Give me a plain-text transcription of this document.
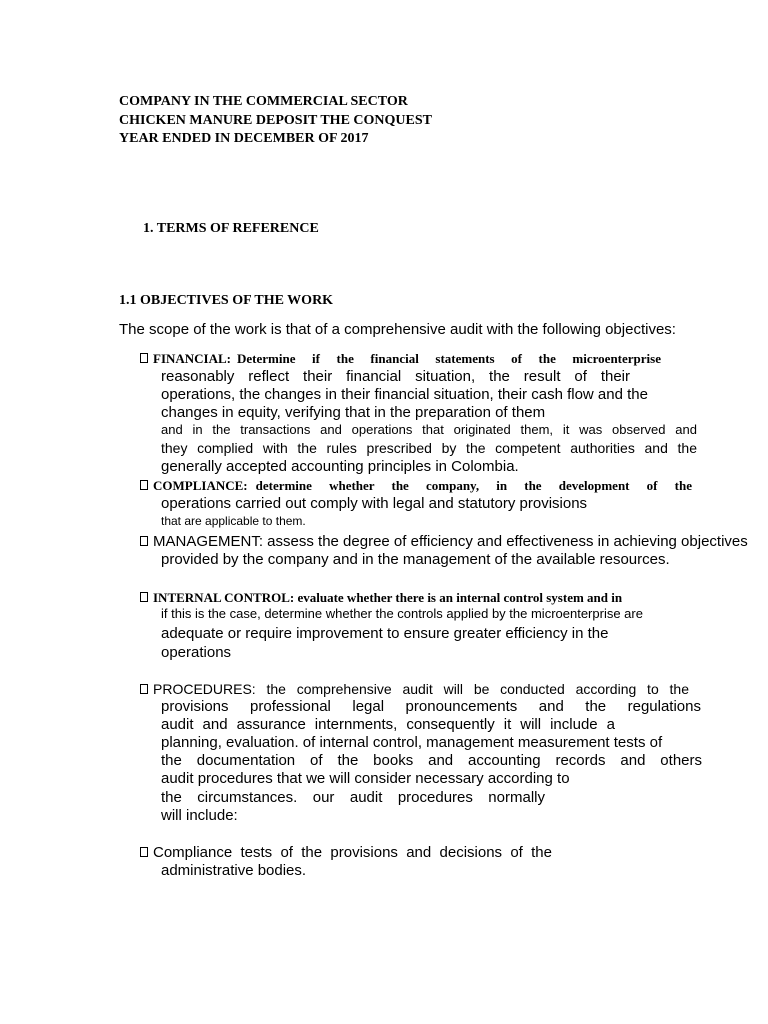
COMPANY IN THE COMMERCIAL SECTOR
CHICKEN MANURE DEPOSIT THE CONQUEST
YEAR ENDED IN DECEMBER OF 2017
1. TERMS OF REFERENCE
1.1 OBJECTIVES OF THE WORK
The scope of the work is that of a comprehensive audit with the following objectives:
FINANCIAL: Determine if the financial statements of the microenterprise
reasonably reflect their financial situation, the result of their
operations, the changes in their financial situation, their cash flow and the
changes in equity, verifying that in the preparation of them
and in the transactions and operations that originated them, it was observed and
they complied with the rules prescribed by the competent authorities and the
generally accepted accounting principles in Colombia.
COMPLIANCE: determine whether the company, in the development of the
operations carried out comply with legal and statutory provisions
that are applicable to them.
MANAGEMENT: assess the degree of efficiency and effectiveness in achieving objectives
provided by the company and in the management of the available resources.
INTERNAL CONTROL: evaluate whether there is an internal control system and in
if this is the case, determine whether the controls applied by the microenterprise are
adequate or require improvement to ensure greater efficiency in the
operations
PROCEDURES: the comprehensive audit will be conducted according to the
provisions professional legal pronouncements and the regulations
audit and assurance internments, consequently it will include a
planning, evaluation. of internal control, management measurement tests of
the documentation of the books and accounting records and others
audit procedures that we will consider necessary according to
the circumstances. our audit procedures normally
will include:
Compliance tests of the provisions and decisions of the
administrative bodies.
